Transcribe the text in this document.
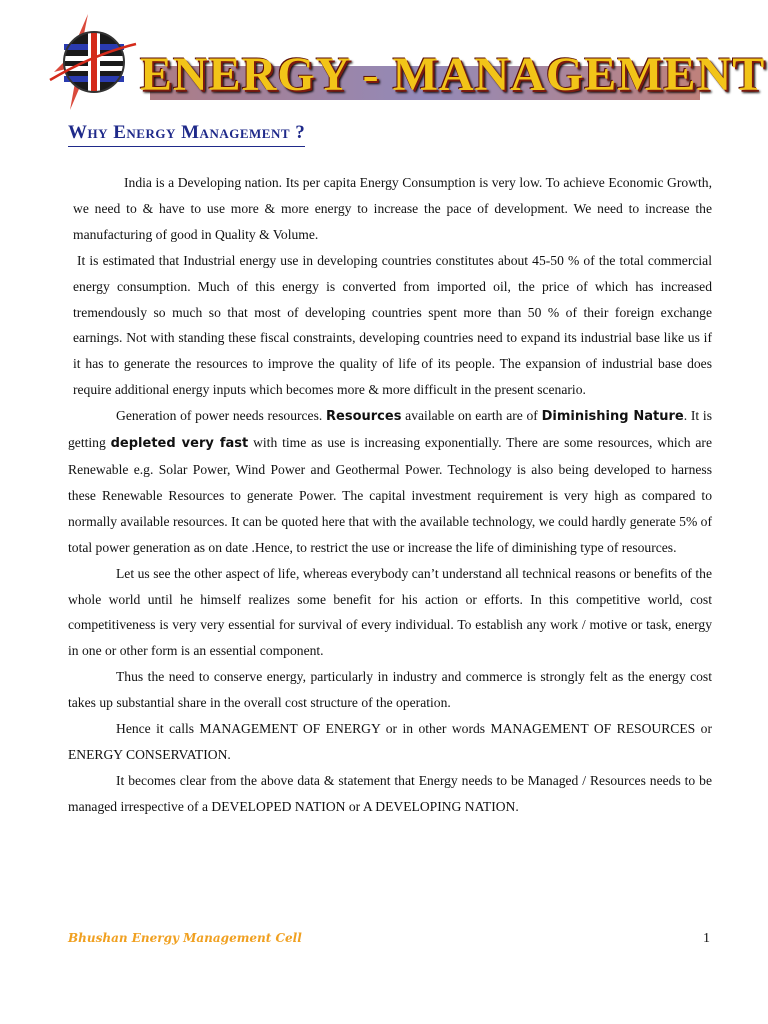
ENERGY - MANAGEMENT
Why Energy Management ?

India is a Developing nation. Its per capita Energy Consumption is very low. To achieve Economic Growth, we need to & have to use more & more energy to increase the pace of development. We need to increase the manufacturing of good in Quality & Volume.

It is estimated that Industrial energy use in developing countries constitutes about 45-50 % of the total commercial energy consumption. Much of this energy is converted from imported oil, the price of which has increased tremendously so much so that most of developing countries spent more than 50 % of their foreign exchange earnings. Not with standing these fiscal constraints, developing countries need to expand its industrial base like us if it has to generate the resources to improve the quality of life of its people. The expansion of industrial base does require additional energy inputs which becomes more & more difficult in the present scenario.

Generation of power needs resources. Resources available on earth are of Diminishing Nature. It is getting depleted very fast with time as use is increasing exponentially. There are some resources, which are Renewable e.g. Solar Power, Wind Power and Geothermal Power. Technology is also being developed to harness these Renewable Resources to generate Power. The capital investment requirement is very high as compared to normally available resources. It can be quoted here that with the available technology, we could hardly generate 5% of total power generation as on date .Hence, to restrict the use or increase the life of diminishing type of resources.

Let us see the other aspect of life, whereas everybody can’t understand all technical reasons or benefits of the whole world until he himself realizes some benefit for his action or efforts. In this competitive world, cost competitiveness is very very essential for survival of every individual. To establish any work / motive or task, energy in one or other form is an essential component.

Thus the need to conserve energy, particularly in industry and commerce is strongly felt as the energy cost takes up substantial share in the overall cost structure of the operation.

Hence it calls MANAGEMENT OF ENERGY or in other words MANAGEMENT OF RESOURCES or ENERGY CONSERVATION.

It becomes clear from the above data & statement that Energy needs to be Managed / Resources needs to be managed irrespective of a DEVELOPED NATION or A DEVELOPING NATION.

Bhushan Energy Management Cell	1
